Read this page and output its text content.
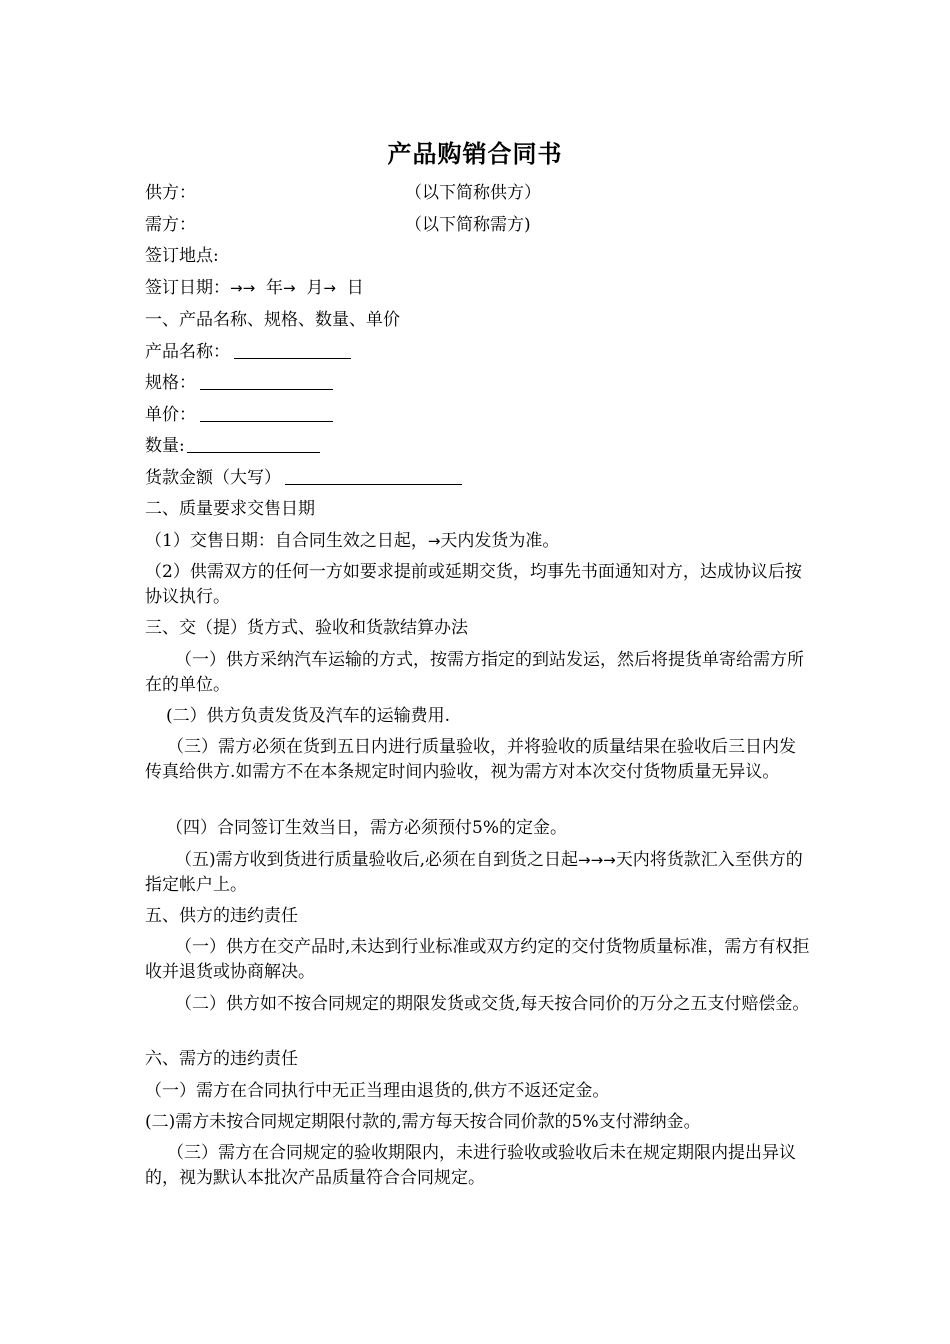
产品购销合同书
供方：	（以下简称供方）
需方：	（以下简称需方)
签订地点:
签订日期：→→ 年→ 月→ 日
一、产品名称、规格、数量、单价
产品名称：
规格：
单价：
数量:
货款金额（大写）
二、质量要求交售日期
（1）交售日期：自合同生效之日起，→天内发货为准。
（2）供需双方的任何一方如要求提前或延期交货，均事先书面通知对方，达成协议后按协议执行。
三、交（提）货方式、验收和货款结算办法
（一）供方采纳汽车运输的方式，按需方指定的到站发运，然后将提货单寄给需方所在的单位。
(二）供方负责发货及汽车的运输费用.
（三）需方必须在货到五日内进行质量验收，并将验收的质量结果在验收后三日内发传真给供方.如需方不在本条规定时间内验收，视为需方对本次交付货物质量无异议。
（四）合同签订生效当日，需方必须预付5%的定金。
（五)需方收到货进行质量验收后,必须在自到货之日起→→→天内将货款汇入至供方的指定帐户上。
五、供方的违约责任
（一）供方在交产品时,未达到行业标准或双方约定的交付货物质量标准，需方有权拒收并退货或协商解决。
（二）供方如不按合同规定的期限发货或交货,每天按合同价的万分之五支付赔偿金。
六、需方的违约责任
（一）需方在合同执行中无正当理由退货的,供方不返还定金。
(二)需方未按合同规定期限付款的,需方每天按合同价款的5%支付滞纳金。
（三）需方在合同规定的验收期限内，未进行验收或验收后未在规定期限内提出异议的，视为默认本批次产品质量符合合同规定。
